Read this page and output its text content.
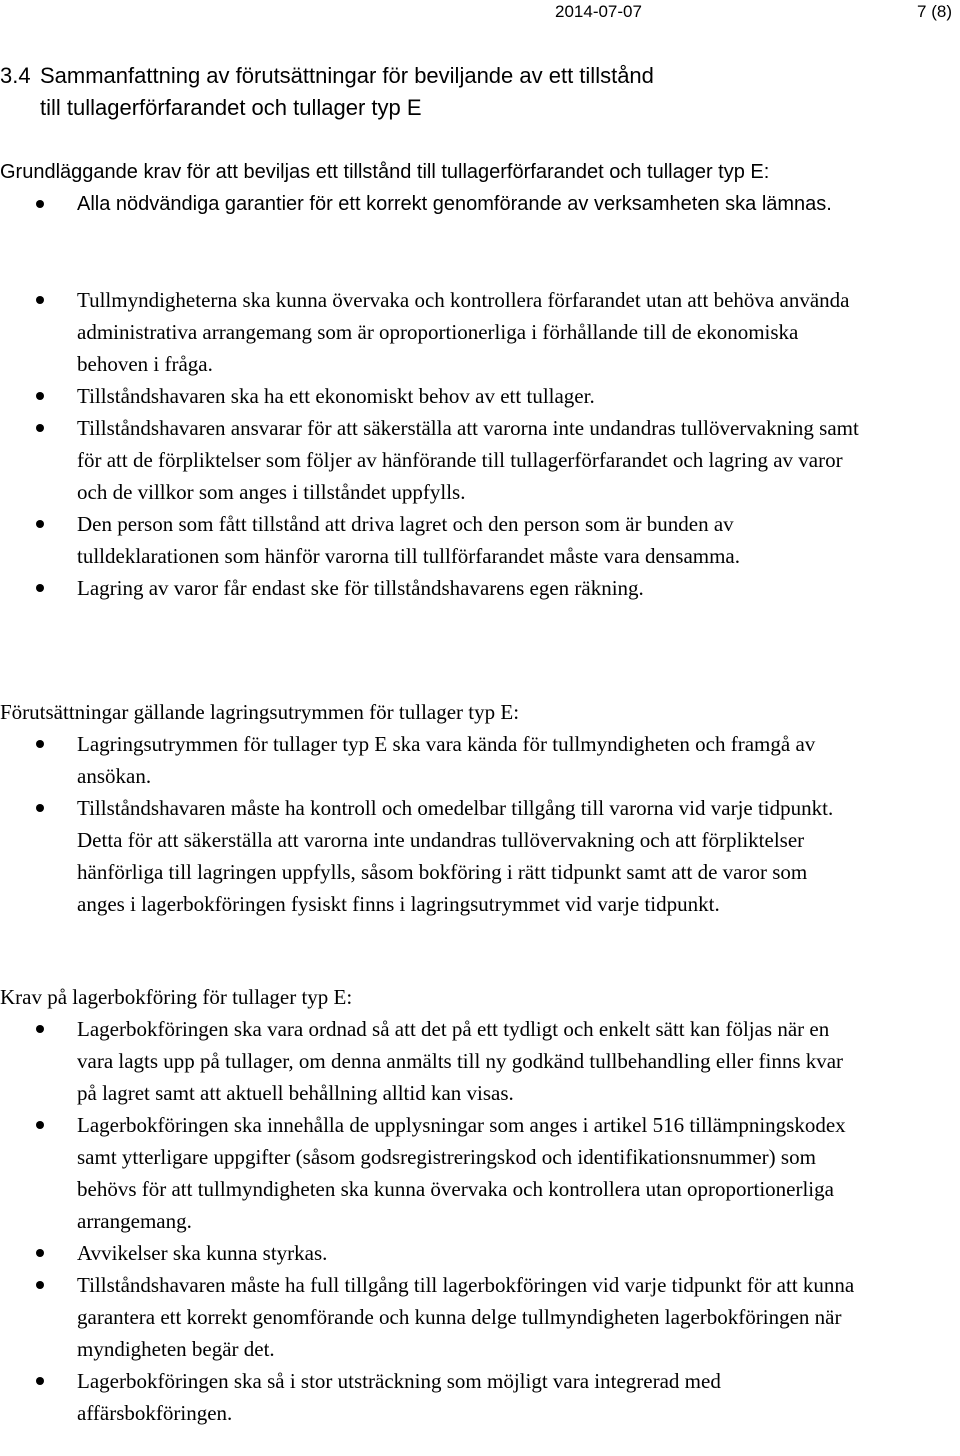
2014-07-07	7 (8)
3.4 Sammanfattning av förutsättningar för beviljande av ett tillstånd
till tullagerförfarandet och tullager typ E

Grundläggande krav för att beviljas ett tillstånd till tullagerförfarandet och tullager typ E:

Alla nödvändiga garantier för ett korrekt genomförande av verksamheten ska lämnas.
Tullmyndigheterna ska kunna övervaka och kontrollera förfarandet utan att behöva använda administrativa arrangemang som är oproportionerliga i förhållande till de ekonomiska behoven i fråga.
Tillståndshavaren ska ha ett ekonomiskt behov av ett tullager.
Tillståndshavaren ansvarar för att säkerställa att varorna inte undandras tullövervakning samt för att de förpliktelser som följer av hänförande till tullagerförfarandet och lagring av varor och de villkor som anges i tillståndet uppfylls.
Den person som fått tillstånd att driva lagret och den person som är bunden av tulldeklarationen som hänför varorna till tullförfarandet måste vara densamma.
Lagring av varor får endast ske för tillståndshavarens egen räkning.

Förutsättningar gällande lagringsutrymmen för tullager typ E:

Lagringsutrymmen för tullager typ E ska vara kända för tullmyndigheten och framgå av ansökan.
Tillståndshavaren måste ha kontroll och omedelbar tillgång till varorna vid varje tidpunkt. Detta för att säkerställa att varorna inte undandras tullövervakning och att förpliktelser hänförliga till lagringen uppfylls, såsom bokföring i rätt tidpunkt samt att de varor som anges i lagerbokföringen fysiskt finns i lagringsutrymmet vid varje tidpunkt.

Krav på lagerbokföring för tullager typ E:

Lagerbokföringen ska vara ordnad så att det på ett tydligt och enkelt sätt kan följas när en vara lagts upp på tullager, om denna anmälts till ny godkänd tullbehandling eller finns kvar på lagret samt att aktuell behållning alltid kan visas.
Lagerbokföringen ska innehålla de upplysningar som anges i artikel 516 tillämpningskodex samt ytterligare uppgifter (såsom godsregistreringskod och identifikationsnummer) som behövs för att tullmyndigheten ska kunna övervaka och kontrollera utan oproportionerliga arrangemang.
Avvikelser ska kunna styrkas.
Tillståndshavaren måste ha full tillgång till lagerbokföringen vid varje tidpunkt för att kunna garantera ett korrekt genomförande och kunna delge tullmyndigheten lagerbokföringen när myndigheten begär det.
Lagerbokföringen ska så i stor utsträckning som möjligt vara integrerad med affärsbokföringen.
